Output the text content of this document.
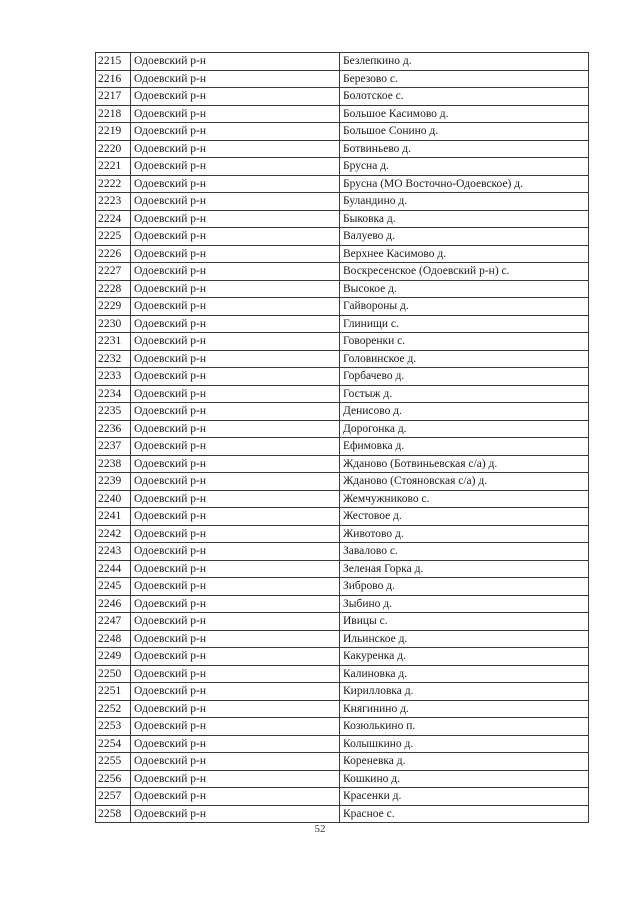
2215	Одоевский р-н	Безлепкино д.
2216	Одоевский р-н	Березово с.
2217	Одоевский р-н	Болотское с.
2218	Одоевский р-н	Большое Касимово д.
2219	Одоевский р-н	Большое Сонино д.
2220	Одоевский р-н	Ботвиньево д.
2221	Одоевский р-н	Бруcна д.
2222	Одоевский р-н	Брусна (МО Восточно-Одоевское) д.
2223	Одоевский р-н	Буландино д.
2224	Одоевский р-н	Быковка д.
2225	Одоевский р-н	Валуево д.
2226	Одоевский р-н	Верхнее Касимово д.
2227	Одоевский р-н	Воскресенское (Одоевский р-н) с.
2228	Одоевский р-н	Высокое д.
2229	Одоевский р-н	Гайвороны д.
2230	Одоевский р-н	Глинищи с.
2231	Одоевский р-н	Говоренки с.
2232	Одоевский р-н	Головинское д.
2233	Одоевский р-н	Горбачево д.
2234	Одоевский р-н	Гостыж д.
2235	Одоевский р-н	Денисово д.
2236	Одоевский р-н	Дорогонка д.
2237	Одоевский р-н	Ефимовка д.
2238	Одоевский р-н	Жданово (Ботвиньевская с/а) д.
2239	Одоевский р-н	Жданово (Стояновская с/а) д.
2240	Одоевский р-н	Жемчужниково с.
2241	Одоевский р-н	Жестовое д.
2242	Одоевский р-н	Животово д.
2243	Одоевский р-н	Завалово с.
2244	Одоевский р-н	Зеленая Горка д.
2245	Одоевский р-н	Зиброво д.
2246	Одоевский р-н	Зыбино д.
2247	Одоевский р-н	Ивицы с.
2248	Одоевский р-н	Ильинское д.
2249	Одоевский р-н	Какуренка д.
2250	Одоевский р-н	Калиновка д.
2251	Одоевский р-н	Кирилловка д.
2252	Одоевский р-н	Княгинино д.
2253	Одоевский р-н	Козюлькино п.
2254	Одоевский р-н	Колышкино д.
2255	Одоевский р-н	Кореневка д.
2256	Одоевский р-н	Кошкино д.
2257	Одоевский р-н	Красенки д.
2258	Одоевский р-н	Красное с.
52
